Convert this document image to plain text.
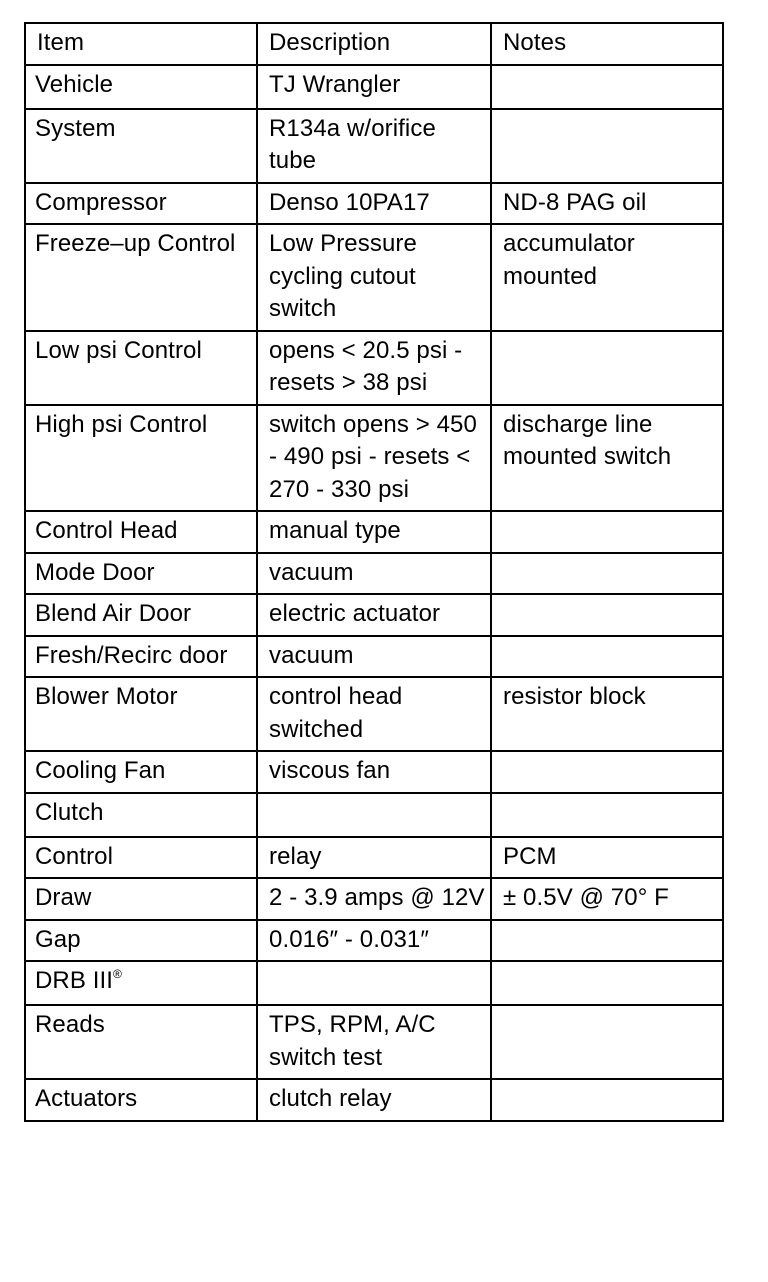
Item	Description	Notes
Vehicle	TJ Wrangler	
System	R134a w/orifice tube	
Compressor	Denso 10PA17	ND-8 PAG oil
Freeze–up Control	Low Pressure cycling cutout switch	accumulator mounted
Low psi Control	opens < 20.5 psi - resets > 38 psi	
High psi Control	switch opens > 450 - 490 psi - resets < 270 - 330 psi	discharge line mounted switch
Control Head	manual type	
Mode Door	vacuum	
Blend Air Door	electric actuator	
Fresh/Recirc door	vacuum	
Blower Motor	control head switched	resistor block
Cooling Fan	viscous fan	
Clutch		
Control	relay	PCM
Draw	2 - 3.9 amps @ 12V	± 0.5V @ 70° F
Gap	0.016″ - 0.031″	
DRB III®		
Reads	TPS, RPM, A/C switch test	
Actuators	clutch relay	
